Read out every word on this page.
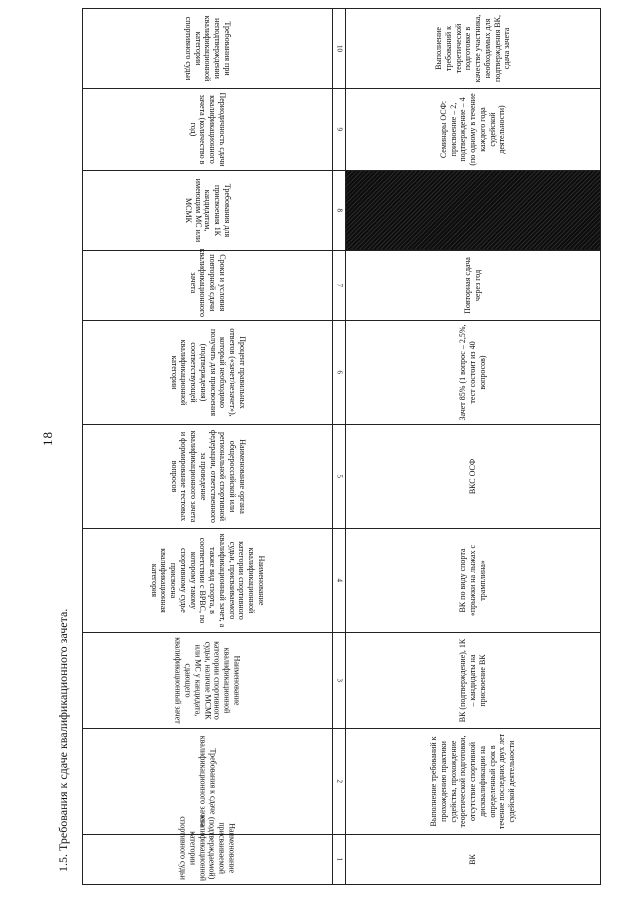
18
1.5. Требования к сдаче квалификационного зачета.	Наименование присваиваемой (подтверждаемой) квалификационной категории спортивного судьи	Требования к сдаче квалификационного зачета	Наименование квалификационной категории спортивного судьи, наличие МСМК или МС у кандидата, сдающего квалификационный зачет	Наименование квалификационной категории спортивного судьи, присваиваемого квалификационный зачет, а также вид спорта, в соответствии с ВРВС, по которому такому спортивному судье присвоена квалификационная категория	Наименование органа общероссийской или региональной спортивной федерации, ответственного за проведение квалификационного зачета и формирование тестовых вопросов	Процент правильных ответов («зачет/незачет»), который необходимо получить для присвоения (подтверждения) соответствующей квалификационной категории	Сроки и условия повторной сдачи квалификационного зачета	Требования для присвоения 1К кандидатам, имеющим МС или МСМК	Периодичность сдачи квалификационного зачета (количество в год)	Требования при неподтверждении квалификационной категории спортивного судьи
1	2	3	4	5	6	7	8	9	10
ВК	Выполнение требований к прохождению практики судейства, прохождение теоретической подготовки, отсутствие спортивной дисквалификации на определенный срок в течение последних двух лет судейской деятельности	ВК (подтверждение), 1К – кандидаты на присвоение ВК	ВК по виду спорта «прыжки на лыжах с трамплина»	ВКС ОСФ	Зачет 85% (1 вопрос – 2,5%, тест состоит из 40 вопросов)	Повторная сдача через год		Семинары ОСФ: присвоение – 2, подтверждение – 4 (по одному в течение каждого года судейской деятельности)	Выполнение требований к теоретической подготовке в качестве участника, необходимых для подтверждения ВК, сдача зачета
